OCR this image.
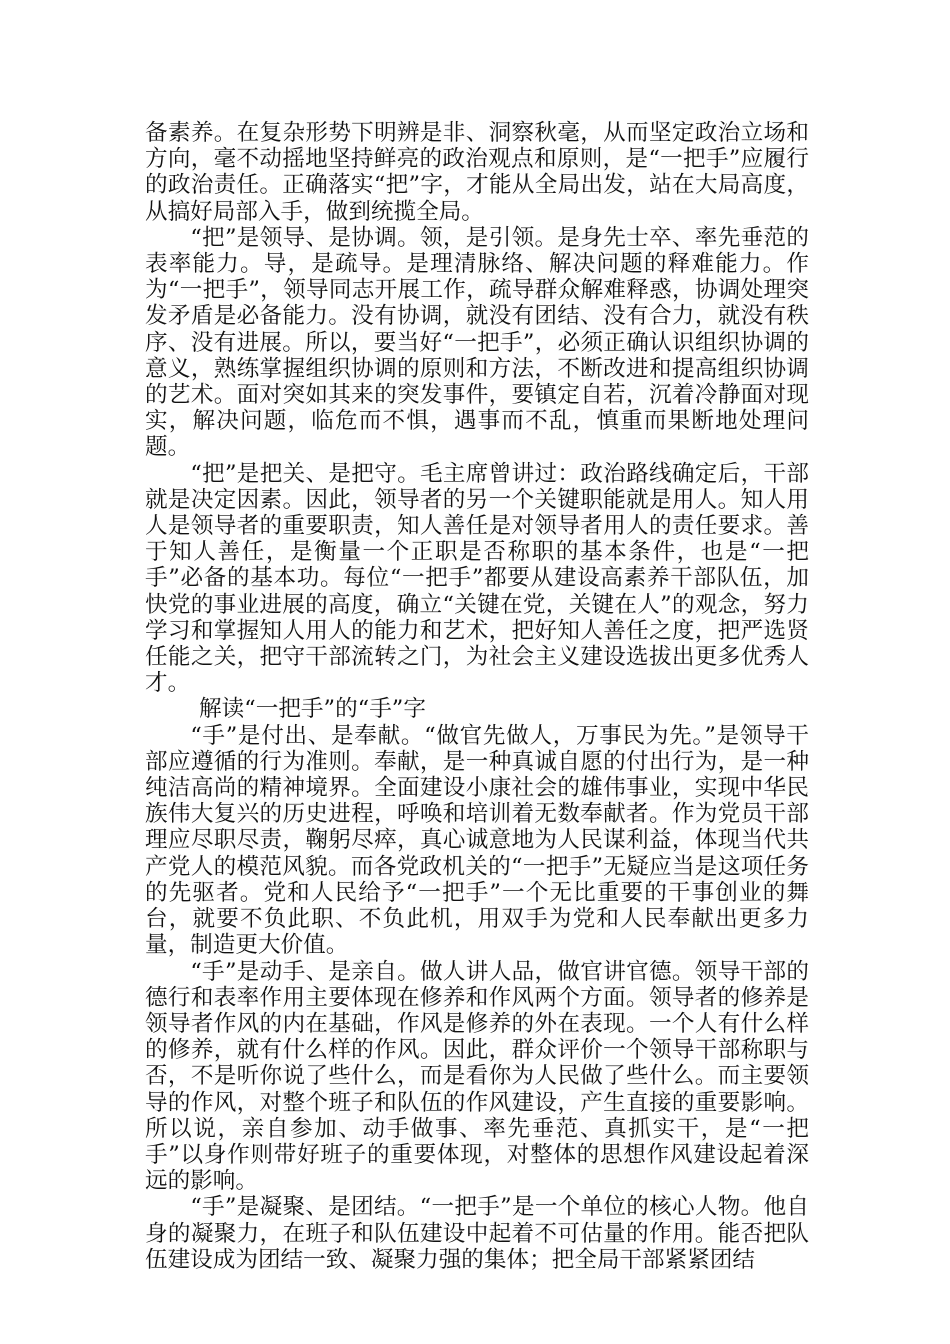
备素养。在复杂形势下明辨是非、洞察秋毫，从而坚定政治立场和方向，毫不动摇地坚持鲜亮的政治观点和原则，是“一把手”应履行的政治责任。正确落实“把”字，才能从全局出发，站在大局高度，从搞好局部入手，做到统揽全局。

“把”是领导、是协调。领，是引领。是身先士卒、率先垂范的表率能力。导，是疏导。是理清脉络、解决问题的释难能力。作为“一把手”，领导同志开展工作，疏导群众解难释惑，协调处理突发矛盾是必备能力。没有协调，就没有团结、没有合力，就没有秩序、没有进展。所以，要当好“一把手”，必须正确认识组织协调的意义，熟练掌握组织协调的原则和方法，不断改进和提高组织协调的艺术。面对突如其来的突发事件，要镇定自若，沉着冷静面对现实，解决问题，临危而不惧，遇事而不乱，慎重而果断地处理问题。

“把”是把关、是把守。毛主席曾讲过：政治路线确定后，干部就是决定因素。因此，领导者的另一个关键职能就是用人。知人用人是领导者的重要职责，知人善任是对领导者用人的责任要求。善于知人善任，是衡量一个正职是否称职的基本条件，也是“一把手”必备的基本功。每位“一把手”都要从建设高素养干部队伍，加快党的事业进展的高度，确立“关键在党，关键在人”的观念，努力学习和掌握知人用人的能力和艺术，把好知人善任之度，把严选贤任能之关，把守干部流转之门，为社会主义建设选拔出更多优秀人才。

解读“一把手”的“手”字

“手”是付出、是奉献。“做官先做人，万事民为先。”是领导干部应遵循的行为准则。奉献，是一种真诚自愿的付出行为，是一种纯洁高尚的精神境界。全面建设小康社会的雄伟事业，实现中华民族伟大复兴的历史进程，呼唤和培训着无数奉献者。作为党员干部理应尽职尽责，鞠躬尽瘁，真心诚意地为人民谋利益，体现当代共产党人的模范风貌。而各党政机关的“一把手”无疑应当是这项任务的先驱者。党和人民给予“一把手”一个无比重要的干事创业的舞台，就要不负此职、不负此机，用双手为党和人民奉献出更多力量，制造更大价值。

“手”是动手、是亲自。做人讲人品，做官讲官德。领导干部的德行和表率作用主要体现在修养和作风两个方面。领导者的修养是领导者作风的内在基础，作风是修养的外在表现。一个人有什么样的修养，就有什么样的作风。因此，群众评价一个领导干部称职与否，不是听你说了些什么，而是看你为人民做了些什么。而主要领导的作风，对整个班子和队伍的作风建设，产生直接的重要影响。所以说，亲自参加、动手做事、率先垂范、真抓实干，是“一把手”以身作则带好班子的重要体现，对整体的思想作风建设起着深远的影响。

“手”是凝聚、是团结。“一把手”是一个单位的核心人物。他自身的凝聚力，在班子和队伍建设中起着不可估量的作用。能否把队伍建设成为团结一致、凝聚力强的集体；把全局干部紧紧团结
